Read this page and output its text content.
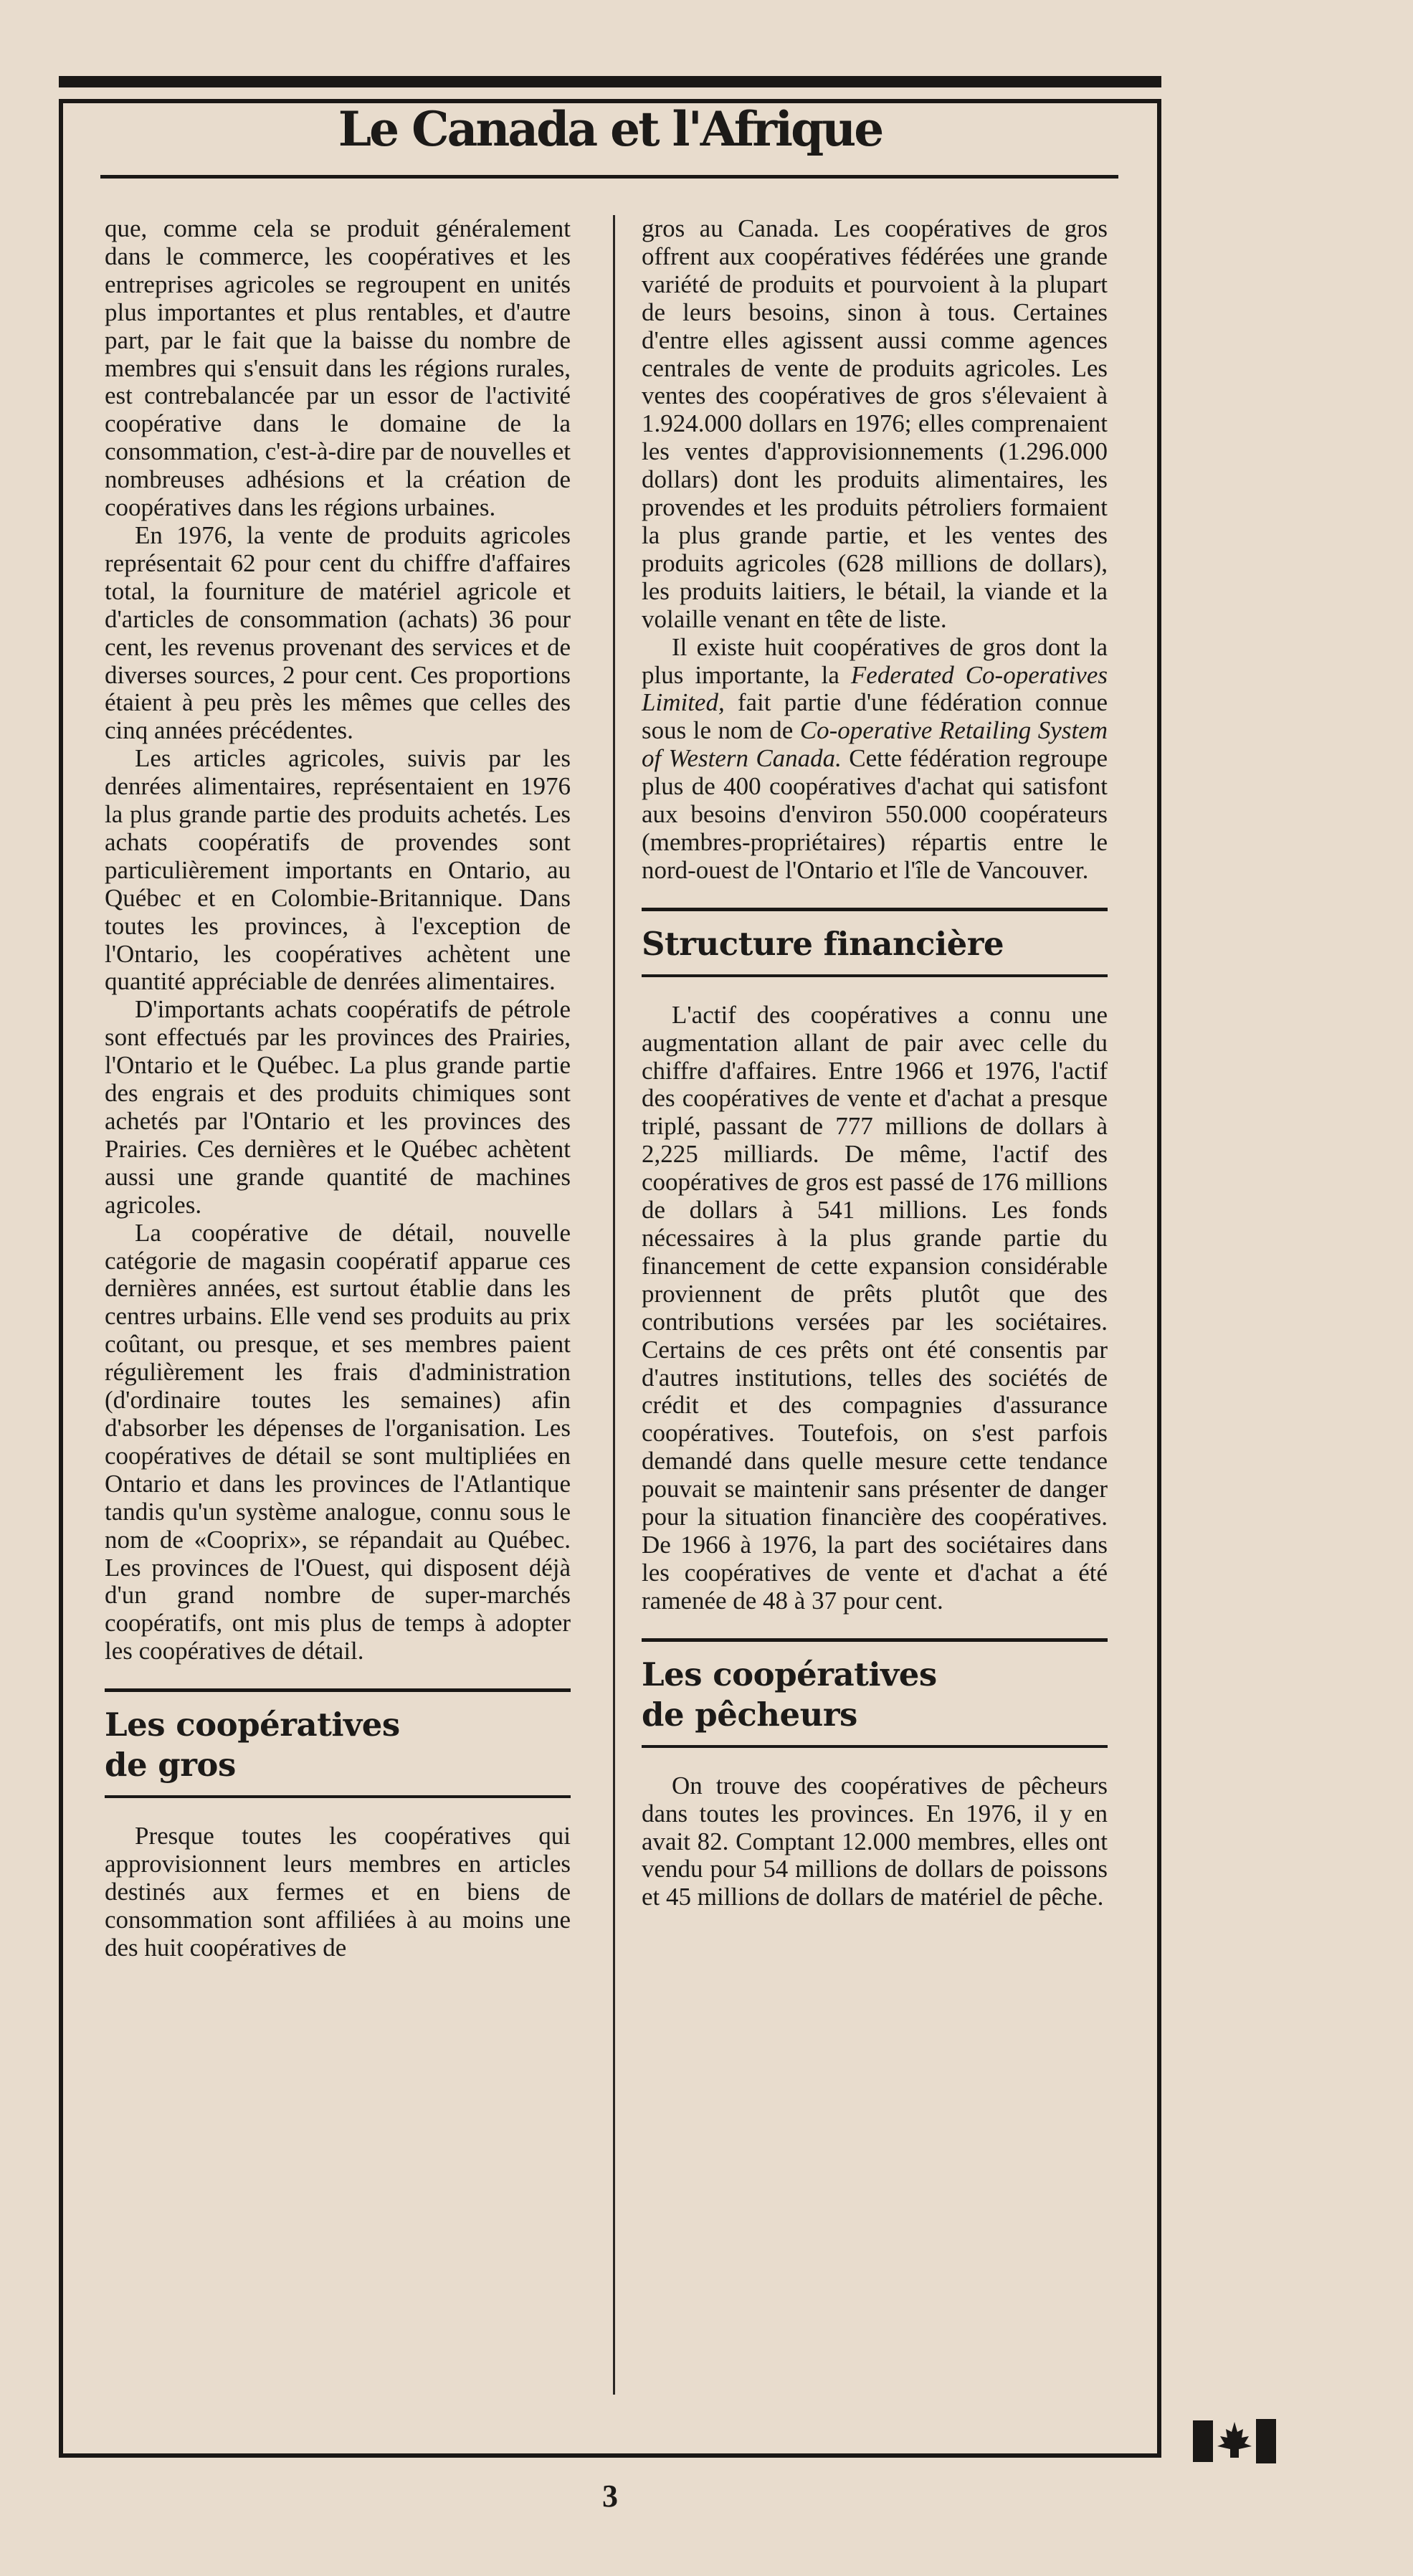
Le Canada et l'Afrique

que, comme cela se produit généralement dans le commerce, les coopératives et les entreprises agricoles se regroupent en unités plus importantes et plus rentables, et d'autre part, par le fait que la baisse du nombre de membres qui s'ensuit dans les régions rurales, est contrebalancée par un essor de l'activité coopérative dans le domaine de la consommation, c'est-à-dire par de nouvelles et nombreuses adhésions et la création de coopératives dans les régions urbaines.

En 1976, la vente de produits agricoles représentait 62 pour cent du chiffre d'affaires total, la fourniture de matériel agricole et d'articles de consommation (achats) 36 pour cent, les revenus provenant des services et de diverses sources, 2 pour cent. Ces proportions étaient à peu près les mêmes que celles des cinq années précédentes.

Les articles agricoles, suivis par les denrées alimentaires, représentaient en 1976 la plus grande partie des produits achetés. Les achats coopératifs de provendes sont particulièrement importants en Ontario, au Québec et en Colombie-Britannique. Dans toutes les provinces, à l'exception de l'Ontario, les coopératives achètent une quantité appréciable de denrées alimentaires.

D'importants achats coopératifs de pétrole sont effectués par les provinces des Prairies, l'Ontario et le Québec. La plus grande partie des engrais et des produits chimiques sont achetés par l'Ontario et les provinces des Prairies. Ces dernières et le Québec achètent aussi une grande quantité de machines agricoles.

La coopérative de détail, nouvelle catégorie de magasin coopératif apparue ces dernières années, est surtout établie dans les centres urbains. Elle vend ses produits au prix coûtant, ou presque, et ses membres paient régulièrement les frais d'administration (d'ordinaire toutes les semaines) afin d'absorber les dépenses de l'organisation. Les coopératives de détail se sont multipliées en Ontario et dans les provinces de l'Atlantique tandis qu'un système analogue, connu sous le nom de «Cooprix», se répandait au Québec. Les provinces de l'Ouest, qui disposent déjà d'un grand nombre de super-marchés coopératifs, ont mis plus de temps à adopter les coopératives de détail.

Les coopératives
de gros

Presque toutes les coopératives qui approvisionnent leurs membres en articles destinés aux fermes et en biens de consommation sont affiliées à au moins une des huit coopératives de

gros au Canada. Les coopératives de gros offrent aux coopératives fédérées une grande variété de produits et pourvoient à la plupart de leurs besoins, sinon à tous. Certaines d'entre elles agissent aussi comme agences centrales de vente de produits agricoles. Les ventes des coopératives de gros s'élevaient à 1.924.000 dollars en 1976; elles comprenaient les ventes d'approvisionnements (1.296.000 dollars) dont les produits alimentaires, les provendes et les produits pétroliers formaient la plus grande partie, et les ventes des produits agricoles (628 millions de dollars), les produits laitiers, le bétail, la viande et la volaille venant en tête de liste.

Il existe huit coopératives de gros dont la plus importante, la Federated Co-operatives Limited, fait partie d'une fédération connue sous le nom de Co-operative Retailing System of Western Canada. Cette fédération regroupe plus de 400 coopératives d'achat qui satisfont aux besoins d'environ 550.000 coopérateurs (membres-propriétaires) répartis entre le nord-ouest de l'Ontario et l'île de Vancouver.

Structure financière

L'actif des coopératives a connu une augmentation allant de pair avec celle du chiffre d'affaires. Entre 1966 et 1976, l'actif des coopératives de vente et d'achat a presque triplé, passant de 777 millions de dollars à 2,225 milliards. De même, l'actif des coopératives de gros est passé de 176 millions de dollars à 541 millions. Les fonds nécessaires à la plus grande partie du financement de cette expansion considérable proviennent de prêts plutôt que des contributions versées par les sociétaires. Certains de ces prêts ont été consentis par d'autres institutions, telles des sociétés de crédit et des compagnies d'assurance coopératives. Toutefois, on s'est parfois demandé dans quelle mesure cette tendance pouvait se maintenir sans présenter de danger pour la situation financière des coopératives. De 1966 à 1976, la part des sociétaires dans les coopératives de vente et d'achat a été ramenée de 48 à 37 pour cent.

Les coopératives
de pêcheurs

On trouve des coopératives de pêcheurs dans toutes les provinces. En 1976, il y en avait 82. Comptant 12.000 membres, elles ont vendu pour 54 millions de dollars de poissons et 45 millions de dollars de matériel de pêche.

3
